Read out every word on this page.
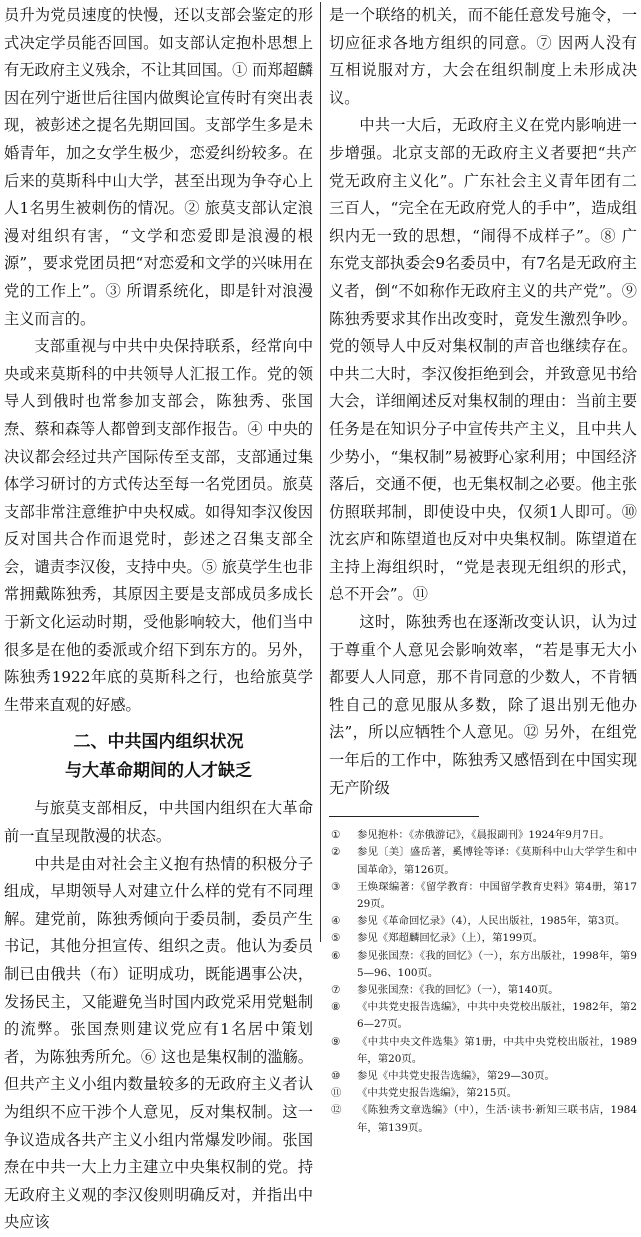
员升为党员速度的快慢，还以支部会鉴定的形式决定学员能否回国。如支部认定抱朴思想上有无政府主义残余，不让其回国。① 而郑超麟因在列宁逝世后往国内做舆论宣传时有突出表现，被彭述之提名先期回国。支部学生多是未婚青年，加之女学生极少，恋爱纠纷较多。在后来的莫斯科中山大学，甚至出现为争夺心上人1名男生被刺伤的情况。② 旅莫支部认定浪漫对组织有害，“文学和恋爱即是浪漫的根源”，要求党团员把“对恋爱和文学的兴味用在党的工作上”。③ 所谓系统化，即是针对浪漫主义而言的。

支部重视与中共中央保持联系，经常向中央或来莫斯科的中共领导人汇报工作。党的领导人到俄时也常参加支部会，陈独秀、张国焘、蔡和森等人都曾到支部作报告。④ 中央的决议都会经过共产国际传至支部，支部通过集体学习研讨的方式传达至每一名党团员。旅莫支部非常注意维护中央权威。如得知李汉俊因反对国共合作而退党时，彭述之召集支部全会，谴责李汉俊，支持中央。⑤ 旅莫学生也非常拥戴陈独秀，其原因主要是支部成员多成长于新文化运动时期，受他影响较大，他们当中很多是在他的委派或介绍下到东方的。另外，陈独秀1922年底的莫斯科之行，也给旅莫学生带来直观的好感。

二、中共国内组织状况
与大革命期间的人才缺乏

与旅莫支部相反，中共国内组织在大革命前一直呈现散漫的状态。

中共是由对社会主义抱有热情的积极分子组成，早期领导人对建立什么样的党有不同理解。建党前，陈独秀倾向于委员制，委员产生书记，其他分担宣传、组织之责。他认为委员制已由俄共（布）证明成功，既能遇事公决，发扬民主，又能避免当时国内政党采用党魁制的流弊。张国焘则建议党应有1名居中策划者，为陈独秀所允。⑥ 这也是集权制的滥觞。但共产主义小组内数量较多的无政府主义者认为组织不应干涉个人意见，反对集权制。这一争议造成各共产主义小组内常爆发吵闹。张国焘在中共一大上力主建立中央集权制的党。持无政府主义观的李汉俊则明确反对，并指出中央应该

是一个联络的机关，而不能任意发号施令，一切应征求各地方组织的同意。⑦ 因两人没有互相说服对方，大会在组织制度上未形成决议。

中共一大后，无政府主义在党内影响进一步增强。北京支部的无政府主义者要把“共产党无政府主义化”。广东社会主义青年团有二三百人，“完全在无政府党人的手中”，造成组织内无一致的思想，“闹得不成样子”。⑧ 广东党支部执委会9名委员中，有7名是无政府主义者，倒“不如称作无政府主义的共产党”。⑨ 陈独秀要求其作出改变时，竟发生激烈争吵。党的领导人中反对集权制的声音也继续存在。中共二大时，李汉俊拒绝到会，并致意见书给大会，详细阐述反对集权制的理由：当前主要任务是在知识分子中宣传共产主义，且中共人少势小，“集权制”易被野心家利用；中国经济落后，交通不便，也无集权制之必要。他主张仿照联邦制，即使设中央，仅须1人即可。⑩ 沈玄庐和陈望道也反对中央集权制。陈望道在主持上海组织时，“党是表现无组织的形式，总不开会”。⑪

这时，陈独秀也在逐渐改变认识，认为过于尊重个人意见会影响效率，“若是事无大小都要人人同意，那不肯同意的少数人，不肯牺牲自己的意见服从多数，除了退出别无他办法”，所以应牺牲个人意见。⑫ 另外，在组党一年后的工作中，陈独秀又感悟到在中国实现无产阶级

①	参见抱朴：《赤俄游记》，《晨报副刊》1924年9月7日。
②	参见〔美〕盛岳著，奚博铨等译：《莫斯科中山大学学生和中国革命》，第126页。
③	王焕琛编著：《留学教育：中国留学教育史料》第4册，第1729页。
④	参见《革命回忆录》（4），人民出版社，1985年，第3页。
⑤	参见《郑超麟回忆录》（上），第199页。
⑥	参见张国焘：《我的回忆》（一），东方出版社，1998年，第95—96、100页。
⑦	参见张国焘：《我的回忆》（一），第140页。
⑧	《中共党史报告选编》，中共中央党校出版社，1982年，第26—27页。
⑨	《中共中央文件选集》第1册，中共中央党校出版社，1989年，第20页。
⑩	参见《中共党史报告选编》，第29—30页。
⑪	《中共党史报告选编》，第215页。
⑫	《陈独秀文章选编》（中），生活·读书·新知三联书店，1984年，第139页。
